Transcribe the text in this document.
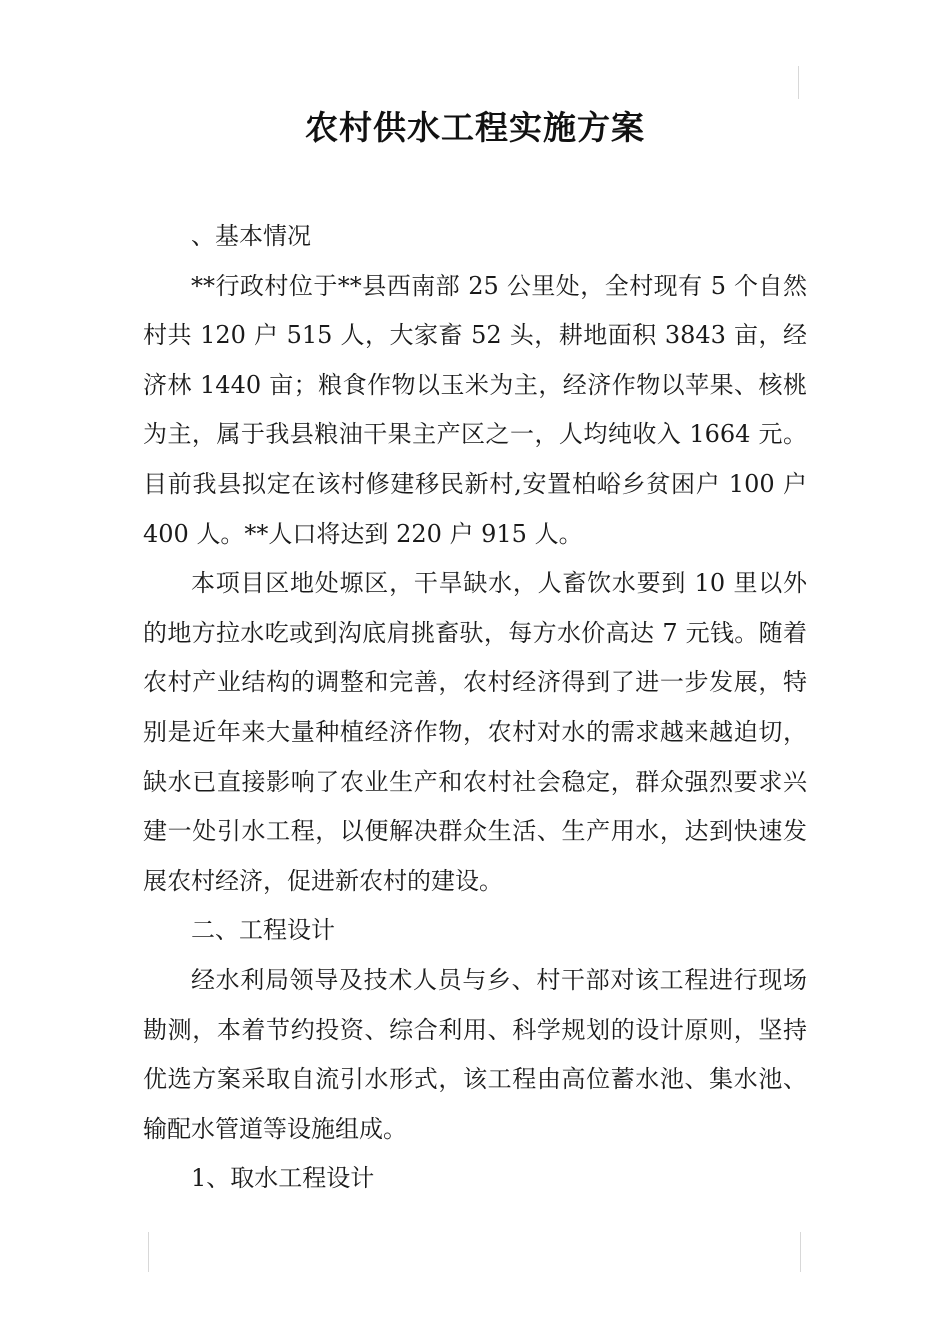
农村供水工程实施方案

、基本情况

**行政村位于**县西南部 25 公里处，全村现有 5 个自然村共 120 户 515 人，大家畜 52 头，耕地面积 3843 亩，经济林 1440 亩；粮食作物以玉米为主，经济作物以苹果、核桃为主，属于我县粮油干果主产区之一，人均纯收入 1664 元。目前我县拟定在该村修建移民新村,安置柏峪乡贫困户 100 户 400 人。**人口将达到 220 户 915 人。

本项目区地处塬区，干旱缺水，人畜饮水要到 10 里以外的地方拉水吃或到沟底肩挑畜驮，每方水价高达 7 元钱。随着农村产业结构的调整和完善，农村经济得到了进一步发展，特别是近年来大量种植经济作物，农村对水的需求越来越迫切，缺水已直接影响了农业生产和农村社会稳定，群众强烈要求兴建一处引水工程，以便解决群众生活、生产用水，达到快速发展农村经济，促进新农村的建设。

二、工程设计

经水利局领导及技术人员与乡、村干部对该工程进行现场勘测，本着节约投资、综合利用、科学规划的设计原则，坚持优选方案采取自流引水形式，该工程由高位蓄水池、集水池、输配水管道等设施组成。

1、取水工程设计
